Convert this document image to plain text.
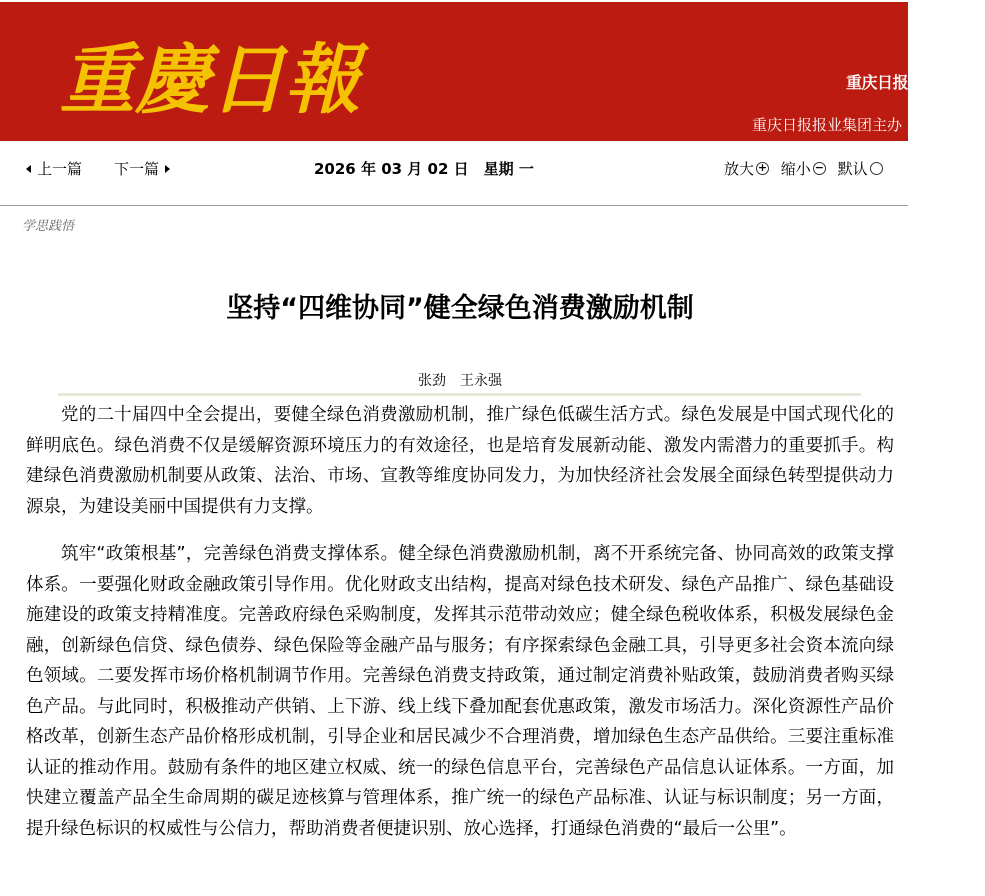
重慶日報	重庆日报
重庆日报报业集团主办
上一篇 下一篇	2026 年 03 月 02 日　星期 一	放大 + 缩小 − 默认
学思践悟
坚持“四维协同”健全绿色消费激励机制
张劲　王永强

党的二十届四中全会提出，要健全绿色消费激励机制，推广绿色低碳生活方式。绿色发展是中国式现代化的鲜明底色。绿色消费不仅是缓解资源环境压力的有效途径，也是培育发展新动能、激发内需潜力的重要抓手。构建绿色消费激励机制要从政策、法治、市场、宣教等维度协同发力，为加快经济社会发展全面绿色转型提供动力源泉，为建设美丽中国提供有力支撑。

筑牢“政策根基”，完善绿色消费支撑体系。健全绿色消费激励机制，离不开系统完备、协同高效的政策支撑体系。一要强化财政金融政策引导作用。优化财政支出结构，提高对绿色技术研发、绿色产品推广、绿色基础设施建设的政策支持精准度。完善政府绿色采购制度，发挥其示范带动效应；健全绿色税收体系，积极发展绿色金融，创新绿色信贷、绿色债券、绿色保险等金融产品与服务；有序探索绿色金融工具，引导更多社会资本流向绿色领域。二要发挥市场价格机制调节作用。完善绿色消费支持政策，通过制定消费补贴政策，鼓励消费者购买绿色产品。与此同时，积极推动产供销、上下游、线上线下叠加配套优惠政策，激发市场活力。深化资源性产品价格改革，创新生态产品价格形成机制，引导企业和居民减少不合理消费，增加绿色生态产品供给。三要注重标准认证的推动作用。鼓励有条件的地区建立权威、统一的绿色信息平台，完善绿色产品信息认证体系。一方面，加快建立覆盖产品全生命周期的碳足迹核算与管理体系，推广统一的绿色产品标准、认证与标识制度；另一方面，提升绿色标识的权威性与公信力，帮助消费者便捷识别、放心选择，打通绿色消费的“最后一公里”。
